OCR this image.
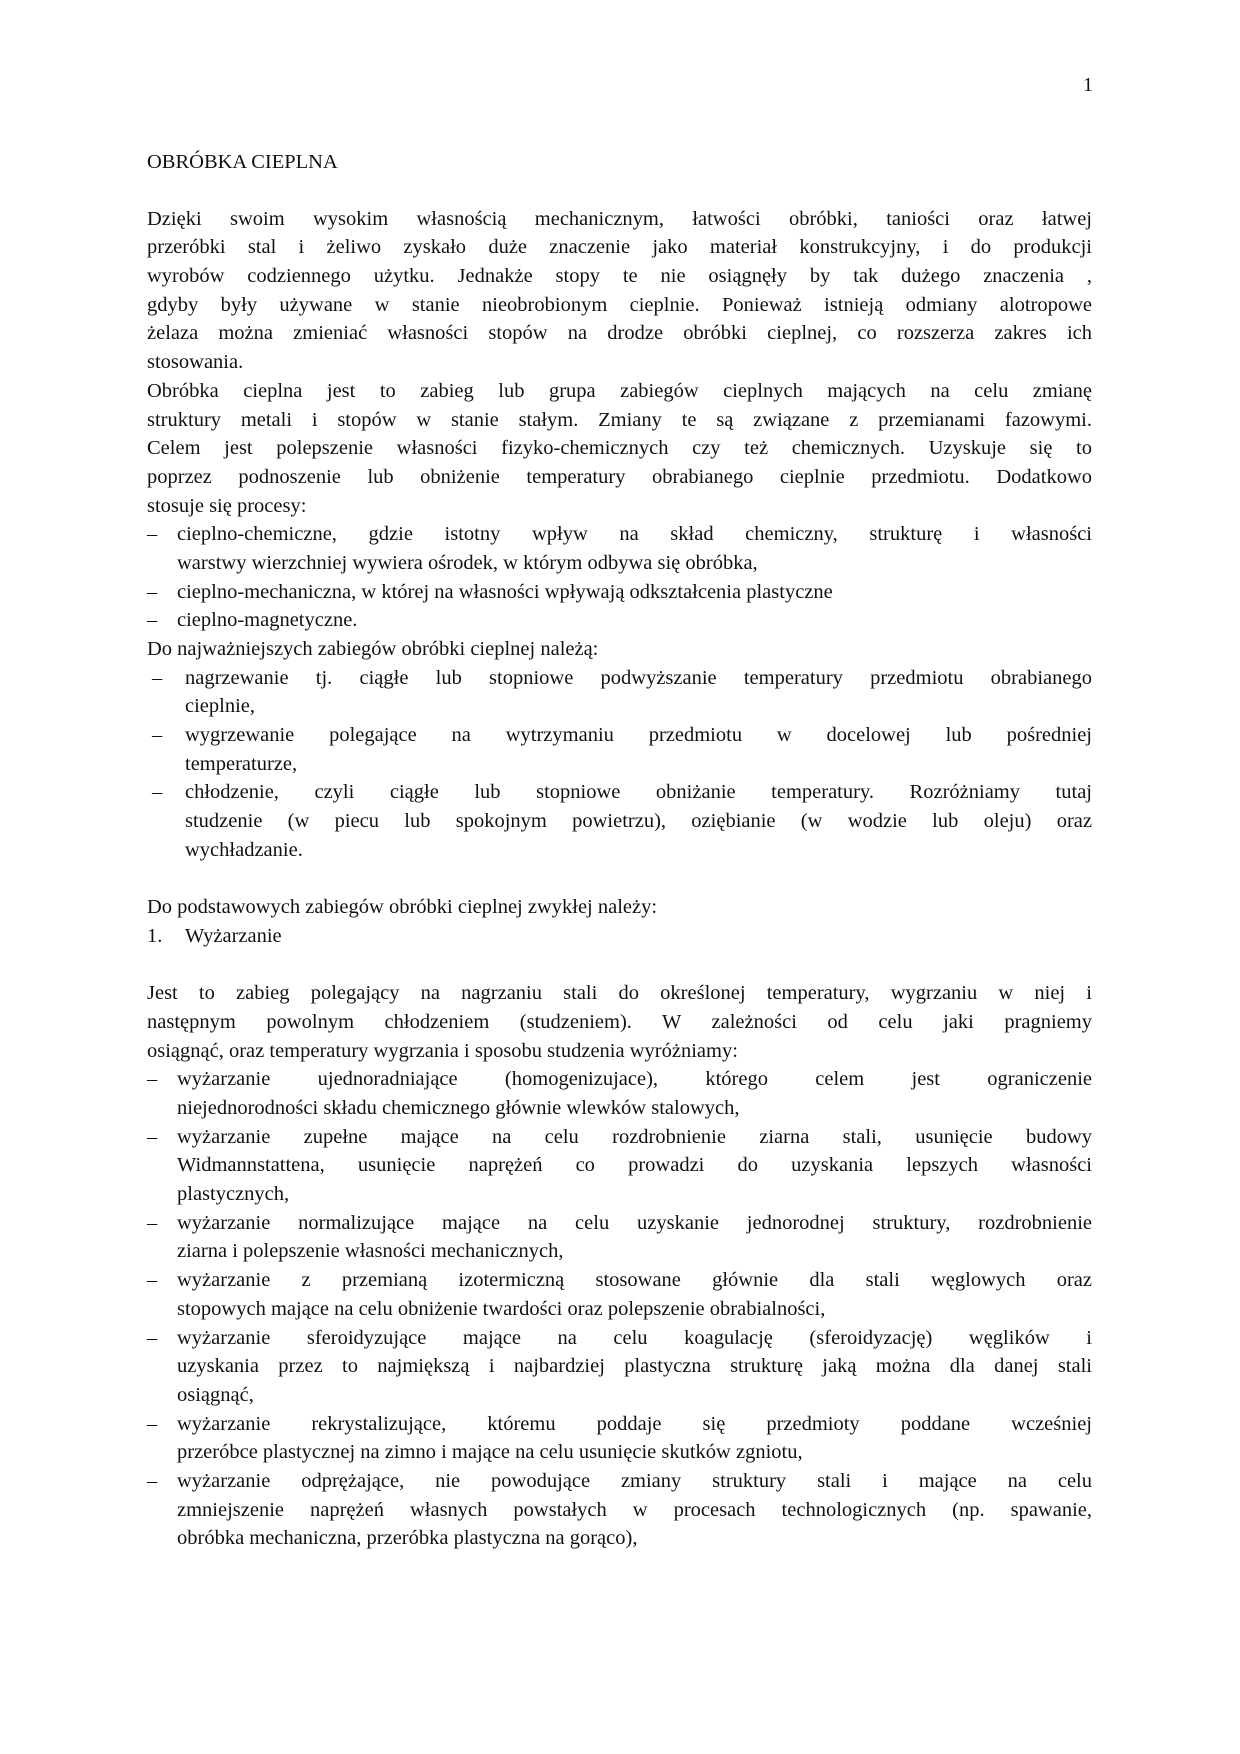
1
OBRÓBKA CIEPLNA
Dzięki swoim wysokim własnością mechanicznym, łatwości obróbki, taniości oraz łatwej
przeróbki stal i żeliwo zyskało duże znaczenie jako materiał konstrukcyjny, i do produkcji
wyrobów codziennego użytku. Jednakże stopy te nie osiągnęły by tak dużego znaczenia ,
gdyby były używane w stanie nieobrobionym cieplnie. Ponieważ istnieją odmiany alotropowe
żelaza można zmieniać własności stopów na drodze obróbki cieplnej, co rozszerza zakres ich
stosowania.
Obróbka cieplna jest to zabieg lub grupa zabiegów cieplnych mających na celu zmianę
struktury metali i stopów w stanie stałym. Zmiany te są związane z przemianami fazowymi.
Celem jest polepszenie własności fizyko-chemicznych czy też chemicznych. Uzyskuje się to
poprzez podnoszenie lub obniżenie temperatury obrabianego cieplnie przedmiotu. Dodatkowo
stosuje się procesy:
– cieplno-chemiczne, gdzie istotny wpływ na skład chemiczny, strukturę i własności
warstwy wierzchniej wywiera ośrodek, w którym odbywa się obróbka,
– cieplno-mechaniczna, w której na własności wpływają odkształcenia plastyczne
– cieplno-magnetyczne.
Do najważniejszych zabiegów obróbki cieplnej należą:
– nagrzewanie tj. ciągłe lub stopniowe podwyższanie temperatury przedmiotu obrabianego
cieplnie,
– wygrzewanie polegające na wytrzymaniu przedmiotu w docelowej lub pośredniej
temperaturze,
– chłodzenie, czyli ciągłe lub stopniowe obniżanie temperatury. Rozróżniamy tutaj
studzenie (w piecu lub spokojnym powietrzu), oziębianie (w wodzie lub oleju) oraz
wychładzanie.
Do podstawowych zabiegów obróbki cieplnej zwykłej należy:
1. Wyżarzanie
Jest to zabieg polegający na nagrzaniu stali do określonej temperatury, wygrzaniu w niej i
następnym powolnym chłodzeniem (studzeniem). W zależności od celu jaki pragniemy
osiągnąć, oraz temperatury wygrzania i sposobu studzenia wyróżniamy:
– wyżarzanie ujednoradniające (homogenizujace), którego celem jest ograniczenie
niejednorodności składu chemicznego głównie wlewków stalowych,
– wyżarzanie zupełne mające na celu rozdrobnienie ziarna stali, usunięcie budowy
Widmannstattena, usunięcie naprężeń co prowadzi do uzyskania lepszych własności
plastycznych,
– wyżarzanie normalizujące mające na celu uzyskanie jednorodnej struktury, rozdrobnienie
ziarna i polepszenie własności mechanicznych,
– wyżarzanie z przemianą izotermiczną stosowane głównie dla stali węglowych oraz
stopowych mające na celu obniżenie twardości oraz polepszenie obrabialności,
– wyżarzanie sferoidyzujące mające na celu koagulację (sferoidyzację) węglików i
uzyskania przez to najmiększą i najbardziej plastyczna strukturę jaką można dla danej stali
osiągnąć,
– wyżarzanie rekrystalizujące, któremu poddaje się przedmioty poddane wcześniej
przeróbce plastycznej na zimno i mające na celu usunięcie skutków zgniotu,
– wyżarzanie odprężające, nie powodujące zmiany struktury stali i mające na celu
zmniejszenie naprężeń własnych powstałych w procesach technologicznych (np. spawanie,
obróbka mechaniczna, przeróbka plastyczna na gorąco),
